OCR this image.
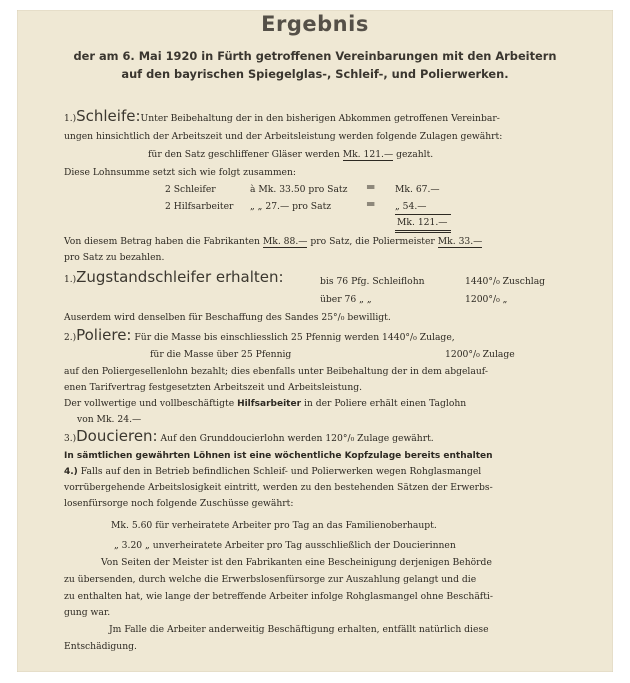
Ergebnis
der am 6. Mai 1920 in Fürth getroffenen Vereinbarungen mit den Arbeitern
auf den bayrischen Spiegelglas-, Schleif-, und Polierwerken.
1.)Schleife:Unter Beibehaltung der in den bisherigen Abkommen getroffenen Vereinbar-
ungen hinsichtlich der Arbeitszeit und der Arbeitsleistung werden folgende Zulagen gewährt:
für den Satz geschliffener Gläser werden Mk. 121.— gezahlt.
Diese Lohnsumme setzt sich wie folgt zusammen:
2 Schleifer	à Mk. 33.50 pro Satz ═ Mk. 67.—
2 Hilfsarbeiter „ „ 27.— pro Satz	═ „ 54.—
Mk. 121.—
Von diesem Betrag haben die Fabrikanten Mk. 88.— pro Satz, die Poliermeister Mk. 33.—
pro Satz zu bezahlen.
1.)Zugstandschleifer erhalten:	bis 76 Pfg. Schleiflohn	1440°/₀ Zuschlag
über 76 „ „	1200°/₀ „
Auserdem wird denselben für Beschaffung des Sandes 25°/₀ bewilligt.
2.)Poliere: Für die Masse bis einschliesslich 25 Pfennig werden 1440°/₀ Zulage,
für die Masse über 25 Pfennig	1200°/₀ Zulage
auf den Poliergesellenlohn bezahlt; dies ebenfalls unter Beibehaltung der in dem abgelauf-
enen Tarifvertrag festgesetzten Arbeitszeit und Arbeitsleistung.
Der vollwertige und vollbeschäftigte Hilfsarbeiter in der Poliere erhält einen Taglohn
von Mk. 24.—
3.)Doucieren: Auf den Grunddoucierlohn werden 120°/₀ Zulage gewährt.
In sämtlichen gewährten Löhnen ist eine wöchentliche Kopfzulage bereits enthalten
4.) Falls auf den in Betrieb befindlichen Schleif- und Polierwerken wegen Rohglasmangel
vorrübergehende Arbeitslosigkeit eintritt, werden zu den bestehenden Sätzen der Erwerbs-
losenfürsorge noch folgende Zuschüsse gewährt:
Mk. 5.60 für verheiratete Arbeiter pro Tag an das Familienoberhaupt.
„ 3.20 „ unverheiratete Arbeiter pro Tag ausschließlich der Doucierinnen
Von Seiten der Meister ist den Fabrikanten eine Bescheinigung derjenigen Behörde
zu übersenden, durch welche die Erwerbslosenfürsorge zur Auszahlung gelangt und die
zu enthalten hat, wie lange der betreffende Arbeiter infolge Rohglasmangel ohne Beschäfti-
gung war.
Jm Falle die Arbeiter anderweitig Beschäftigung erhalten, entfällt natürlich diese
Entschädigung.
